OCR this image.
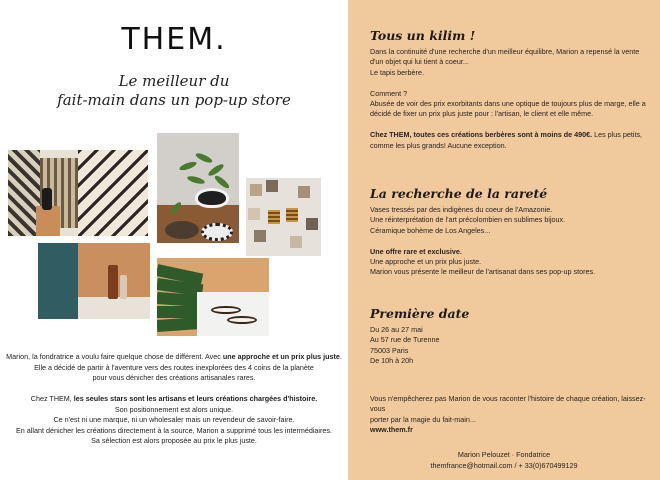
THEM.
Le meilleur du
fait-main dans un pop-up store
Marion, la fondratrice a voulu faire quelque chose de différent. Avec une approche et un prix plus juste.
Elle a décidé de partir à l'aventure vers des routes inexplorées des 4 coins de la planète
pour vous dénicher des créations artisanales rares.
Chez THEM, les seules stars sont les artisans et leurs créations chargées d'histoire.
Son positionnement est alors unique.
Ce n'est ni une marque, ni un wholesaler mais un revendeur de savoir-faire.
En allant dénicher les créations directement à la source, Marion a supprimé tous les intermédiaires.
Sa sélection est alors proposée au prix le plus juste.
Tous un kilim !

Dans la continuité d'une recherche d'un meilleur équilibre, Marion a repensé la vente

d'un objet qui lui tient à coeur...

Le tapis berbère.

Comment ?

Abusée de voir des prix exorbitants dans une optique de toujours plus de marge, elle a

décidé de fixer un prix plus juste pour : l'artisan, le client et elle même.

Chez THEM, toutes ces créations berbères sont à moins de 490€. Les plus petits,

comme les plus grands! Aucune exception.

La recherche de la rareté

Vases tressés par des indigènes du coeur de l'Amazonie.

Une réinterprétation de l'art précolombien en sublimes bijoux.

Céramique bohème de Los Angeles...

Une offre rare et exclusive.

Une approche et un prix plus juste.

Marion vous présente le meilleur de l'artisanat dans ses pop-up stores.

Première date

Du 26 au 27 mai

Au 57 rue de Turenne

75003 Paris

De 10h à 20h

Vous n'empêcherez pas Marion de vous raconter l'histoire de chaque création, laissez-vous

porter par la magie du fait-main...

www.them.fr

Marion Pelouzet · Fondatrice
themfrance@hotmail.com / + 33(0)670499129
